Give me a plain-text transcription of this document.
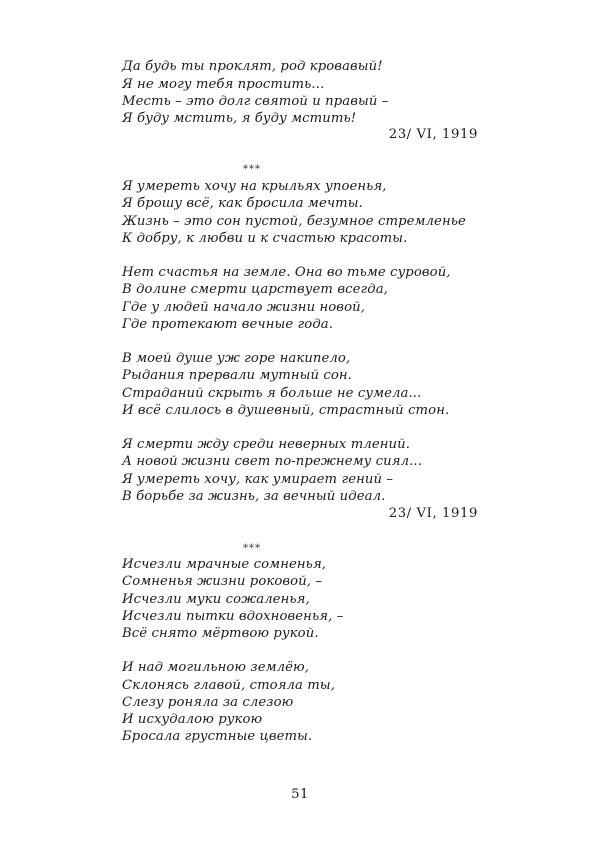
Да будь ты проклят, род кровавый!
Я не могу тебя простить...
Месть – это долг святой и правый –
Я буду мстить, я буду мстить!
23/ VI, 1919
***
Я умереть хочу на крыльях упоенья,
Я брошу всё, как бросила мечты.
Жизнь – это сон пустой, безумное стремленье
К добру, к любви и к счастью красоты.
Нет счастья на земле. Она во тьме суровой,
В долине смерти царствует всегда,
Где у людей начало жизни новой,
Где протекают вечные года.
В моей душе уж горе накипело,
Рыдания прервали мутный сон.
Страданий скрыть я больше не сумела...
И всё слилось в душевный, страстный стон.
Я смерти жду среди неверных тлений.
А новой жизни свет по-прежнему сиял...
Я умереть хочу, как умирает гений –
В борьбе за жизнь, за вечный идеал.
23/ VI, 1919
***
Исчезли мрачные сомненья,
Сомненья жизни роковой, –
Исчезли муки сожаленья,
Исчезли пытки вдохновенья, –
Всё снято мёртвою рукой.
И над могильною землёю,
Склонясь главой, стояла ты,
Слезу роняла за слезою
И исхудалою рукою
Бросала грустные цветы.
51
